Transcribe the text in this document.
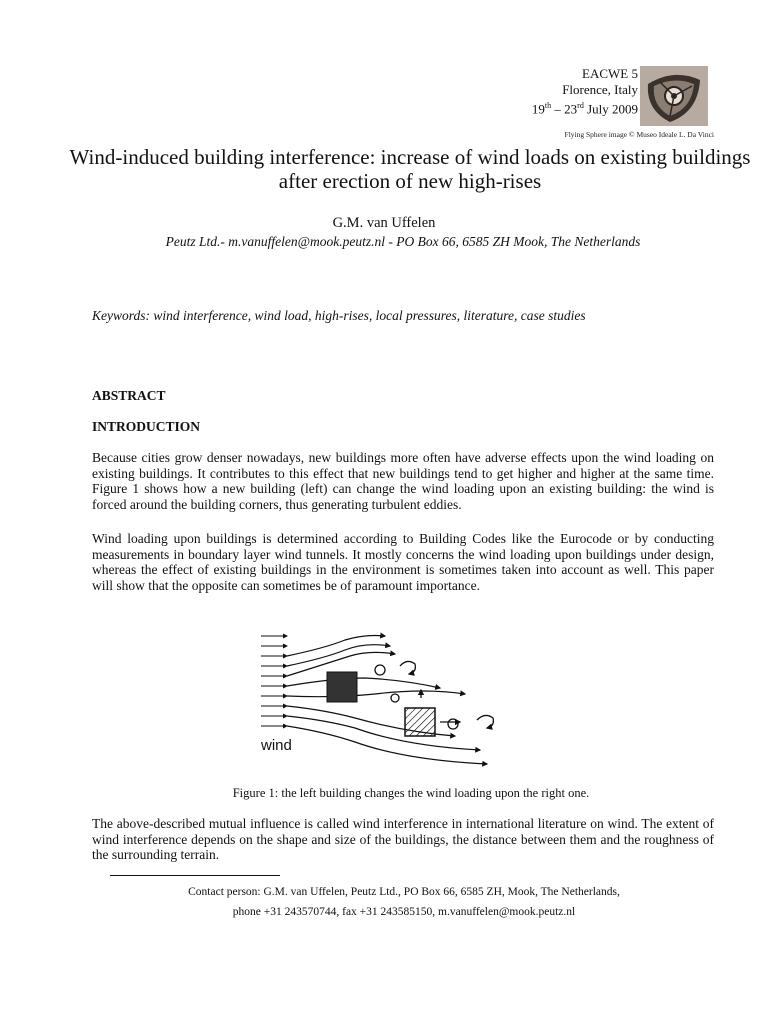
EACWE 5
Florence, Italy
19th – 23rd July 2009
Flying Sphere image © Museo Ideale L. Da Vinci
Wind-induced building interference: increase of wind loads on existing buildings after erection of new high-rises
G.M. van Uffelen
Peutz Ltd.- m.vanuffelen@mook.peutz.nl - PO Box 66, 6585 ZH Mook, The Netherlands
Keywords: wind interference, wind load, high-rises, local pressures, literature, case studies
ABSTRACT
INTRODUCTION
Because cities grow denser nowadays, new buildings more often have adverse effects upon the wind loading on existing buildings. It contributes to this effect that new buildings tend to get higher and higher at the same time. Figure 1 shows how a new building (left) can change the wind loading upon an existing building: the wind is forced around the building corners, thus generating turbulent eddies.
Wind loading upon buildings is determined according to Building Codes like the Eurocode or by conducting measurements in boundary layer wind tunnels. It mostly concerns the wind loading upon buildings under design, whereas the effect of existing buildings in the environment is sometimes taken into account as well. This paper will show that the opposite can sometimes be of paramount importance.
wind
Figure 1: the left building changes the wind loading upon the right one.
The above-described mutual influence is called wind interference in international literature on wind. The extent of wind interference depends on the shape and size of the buildings, the distance between them and the roughness of the surrounding terrain.
Contact person: G.M. van Uffelen, Peutz Ltd., PO Box 66, 6585 ZH, Mook, The Netherlands,
phone +31 243570744, fax +31 243585150, m.vanuffelen@mook.peutz.nl
